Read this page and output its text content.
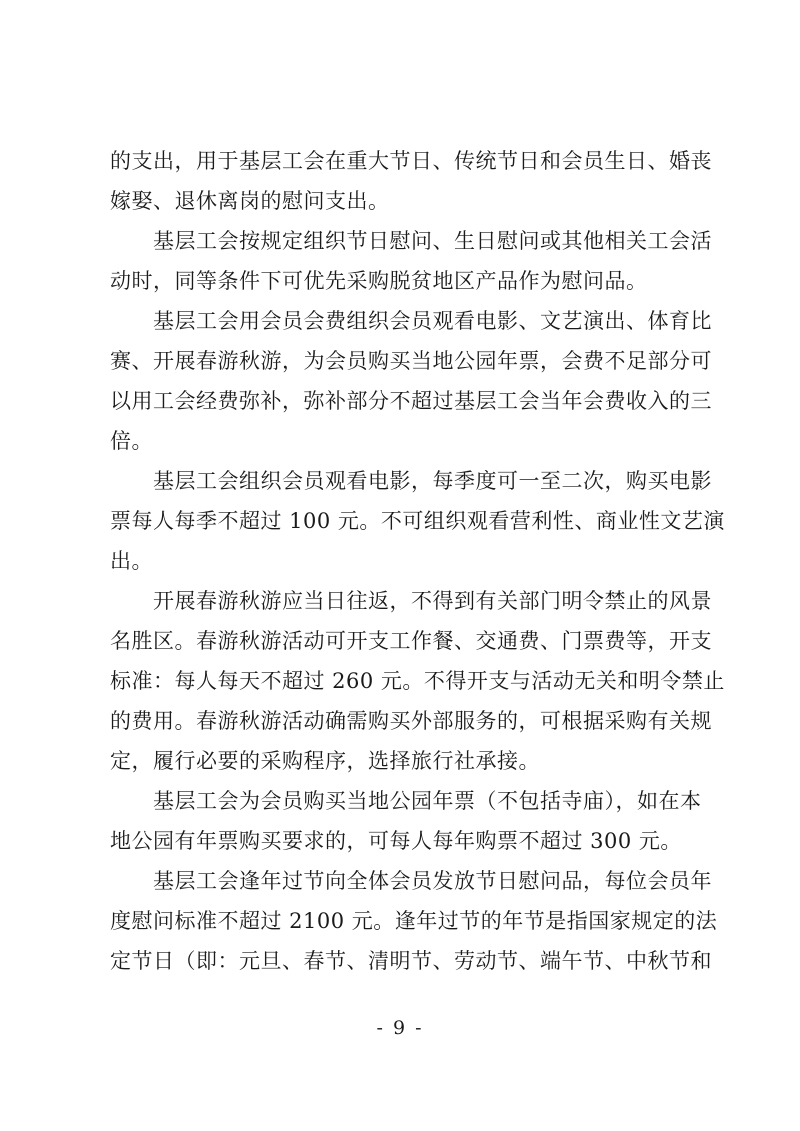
的支出，用于基层工会在重大节日、传统节日和会员生日、婚丧
嫁娶、退休离岗的慰问支出。

基层工会按规定组织节日慰问、生日慰问或其他相关工会活
动时，同等条件下可优先采购脱贫地区产品作为慰问品。

基层工会用会员会费组织会员观看电影、文艺演出、体育比
赛、开展春游秋游，为会员购买当地公园年票，会费不足部分可
以用工会经费弥补，弥补部分不超过基层工会当年会费收入的三
倍。

基层工会组织会员观看电影，每季度可一至二次，购买电影
票每人每季不超过 100 元。不可组织观看营利性、商业性文艺演
出。

开展春游秋游应当日往返，不得到有关部门明令禁止的风景
名胜区。春游秋游活动可开支工作餐、交通费、门票费等，开支
标准：每人每天不超过 260 元。不得开支与活动无关和明令禁止
的费用。春游秋游活动确需购买外部服务的，可根据采购有关规
定，履行必要的采购程序，选择旅行社承接。

基层工会为会员购买当地公园年票（不包括寺庙），如在本
地公园有年票购买要求的，可每人每年购票不超过 300 元。

基层工会逢年过节向全体会员发放节日慰问品，每位会员年
度慰问标准不超过 2100 元。逢年过节的年节是指国家规定的法
定节日（即：元旦、春节、清明节、劳动节、端午节、中秋节和

- 9 -
